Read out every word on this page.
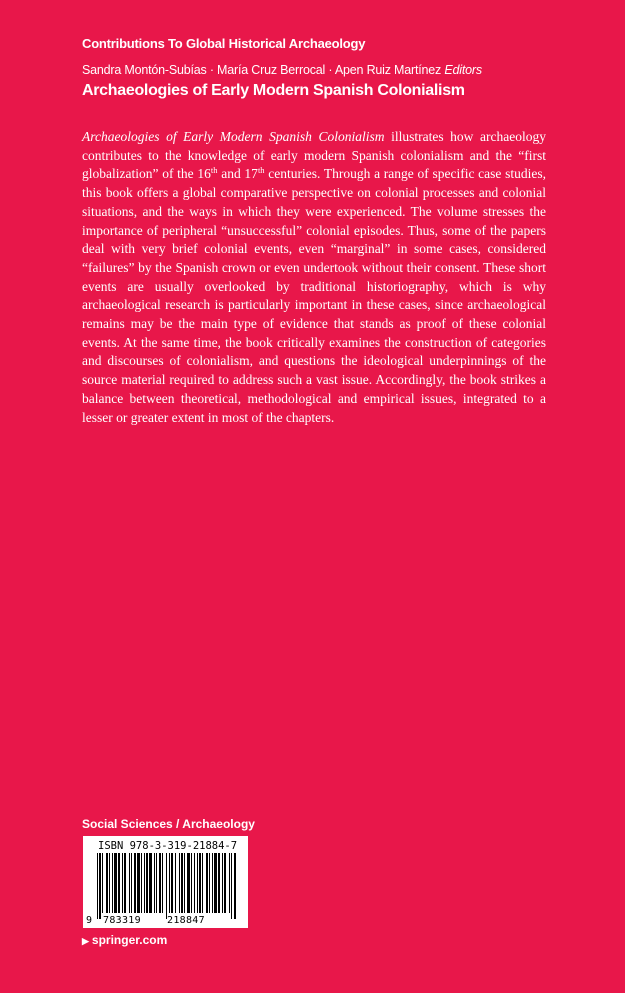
Contributions To Global Historical Archaeology
Sandra Montón-Subías · María Cruz Berrocal · Apen Ruiz Martínez Editors
Archaeologies of Early Modern Spanish Colonialism

Archaeologies of Early Modern Spanish Colonialism illustrates how archaeology contributes to the knowledge of early modern Spanish colonialism and the “first globalization” of the 16th and 17th centuries. Through a range of specific case studies, this book offers a global comparative perspective on colonial processes and colonial situations, and the ways in which they were experienced. The volume stresses the importance of peripheral “unsuccessful” colonial episodes. Thus, some of the papers deal with very brief colonial events, even “marginal” in some cases, considered “failures” by the Spanish crown or even undertook without their consent. These short events are usually overlooked by traditional historiography, which is why archaeological research is particularly important in these cases, since archaeological remains may be the main type of evidence that stands as proof of these colonial events. At the same time, the book critically examines the construction of categories and discourses of colonialism, and questions the ideological underpinnings of the source material required to address such a vast issue. Accordingly, the book strikes a balance between theoretical, methodological and empirical issues, integrated to a lesser or greater extent in most of the chapters.

Social Sciences / Archaeology
ISBN 978-3-319-21884-7
9 783319	218847
▶ springer.com
